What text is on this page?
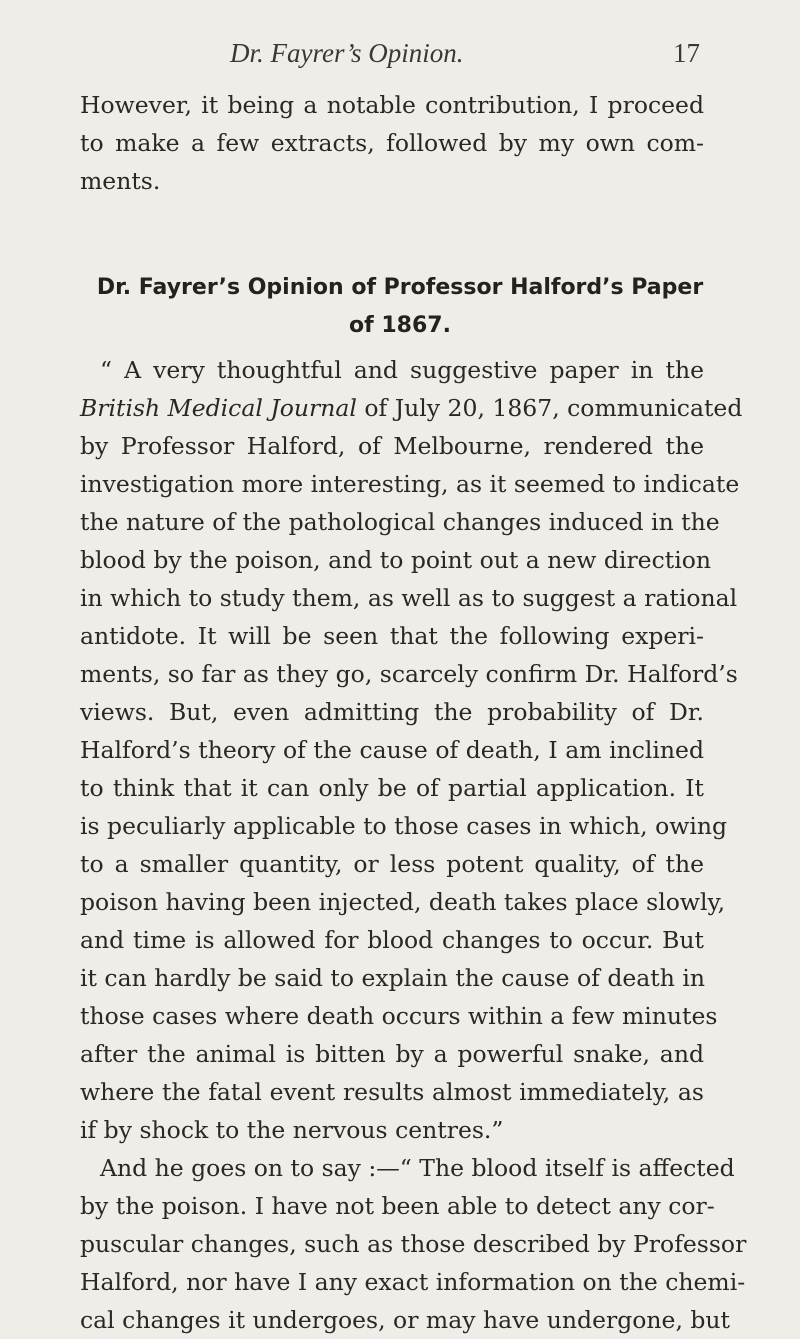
Dr. Fayrer’s Opinion.	17
However, it being a notable contribution, I proceed
to make a few extracts, followed by my own com-
ments.
Dr. Fayrer’s Opinion of Professor Halford’s Paper
of 1867.
“ A very thoughtful and suggestive paper in the
British Medical Journal of July 20, 1867, communicated
by Professor Halford, of Melbourne, rendered the
investigation more interesting, as it seemed to indicate
the nature of the pathological changes induced in the
blood by the poison, and to point out a new direction
in which to study them, as well as to suggest a rational
antidote. It will be seen that the following experi-
ments, so far as they go, scarcely confirm Dr. Halford’s
views. But, even admitting the probability of Dr.
Halford’s theory of the cause of death, I am inclined
to think that it can only be of partial application. It
is peculiarly applicable to those cases in which, owing
to a smaller quantity, or less potent quality, of the
poison having been injected, death takes place slowly,
and time is allowed for blood changes to occur. But
it can hardly be said to explain the cause of death in
those cases where death occurs within a few minutes
after the animal is bitten by a powerful snake, and
where the fatal event results almost immediately, as
if by shock to the nervous centres.”
And he goes on to say :—“ The blood itself is affected
by the poison. I have not been able to detect any cor-
puscular changes, such as those described by Professor
Halford, nor have I any exact information on the chemi-
cal changes it undergoes, or may have undergone, but
